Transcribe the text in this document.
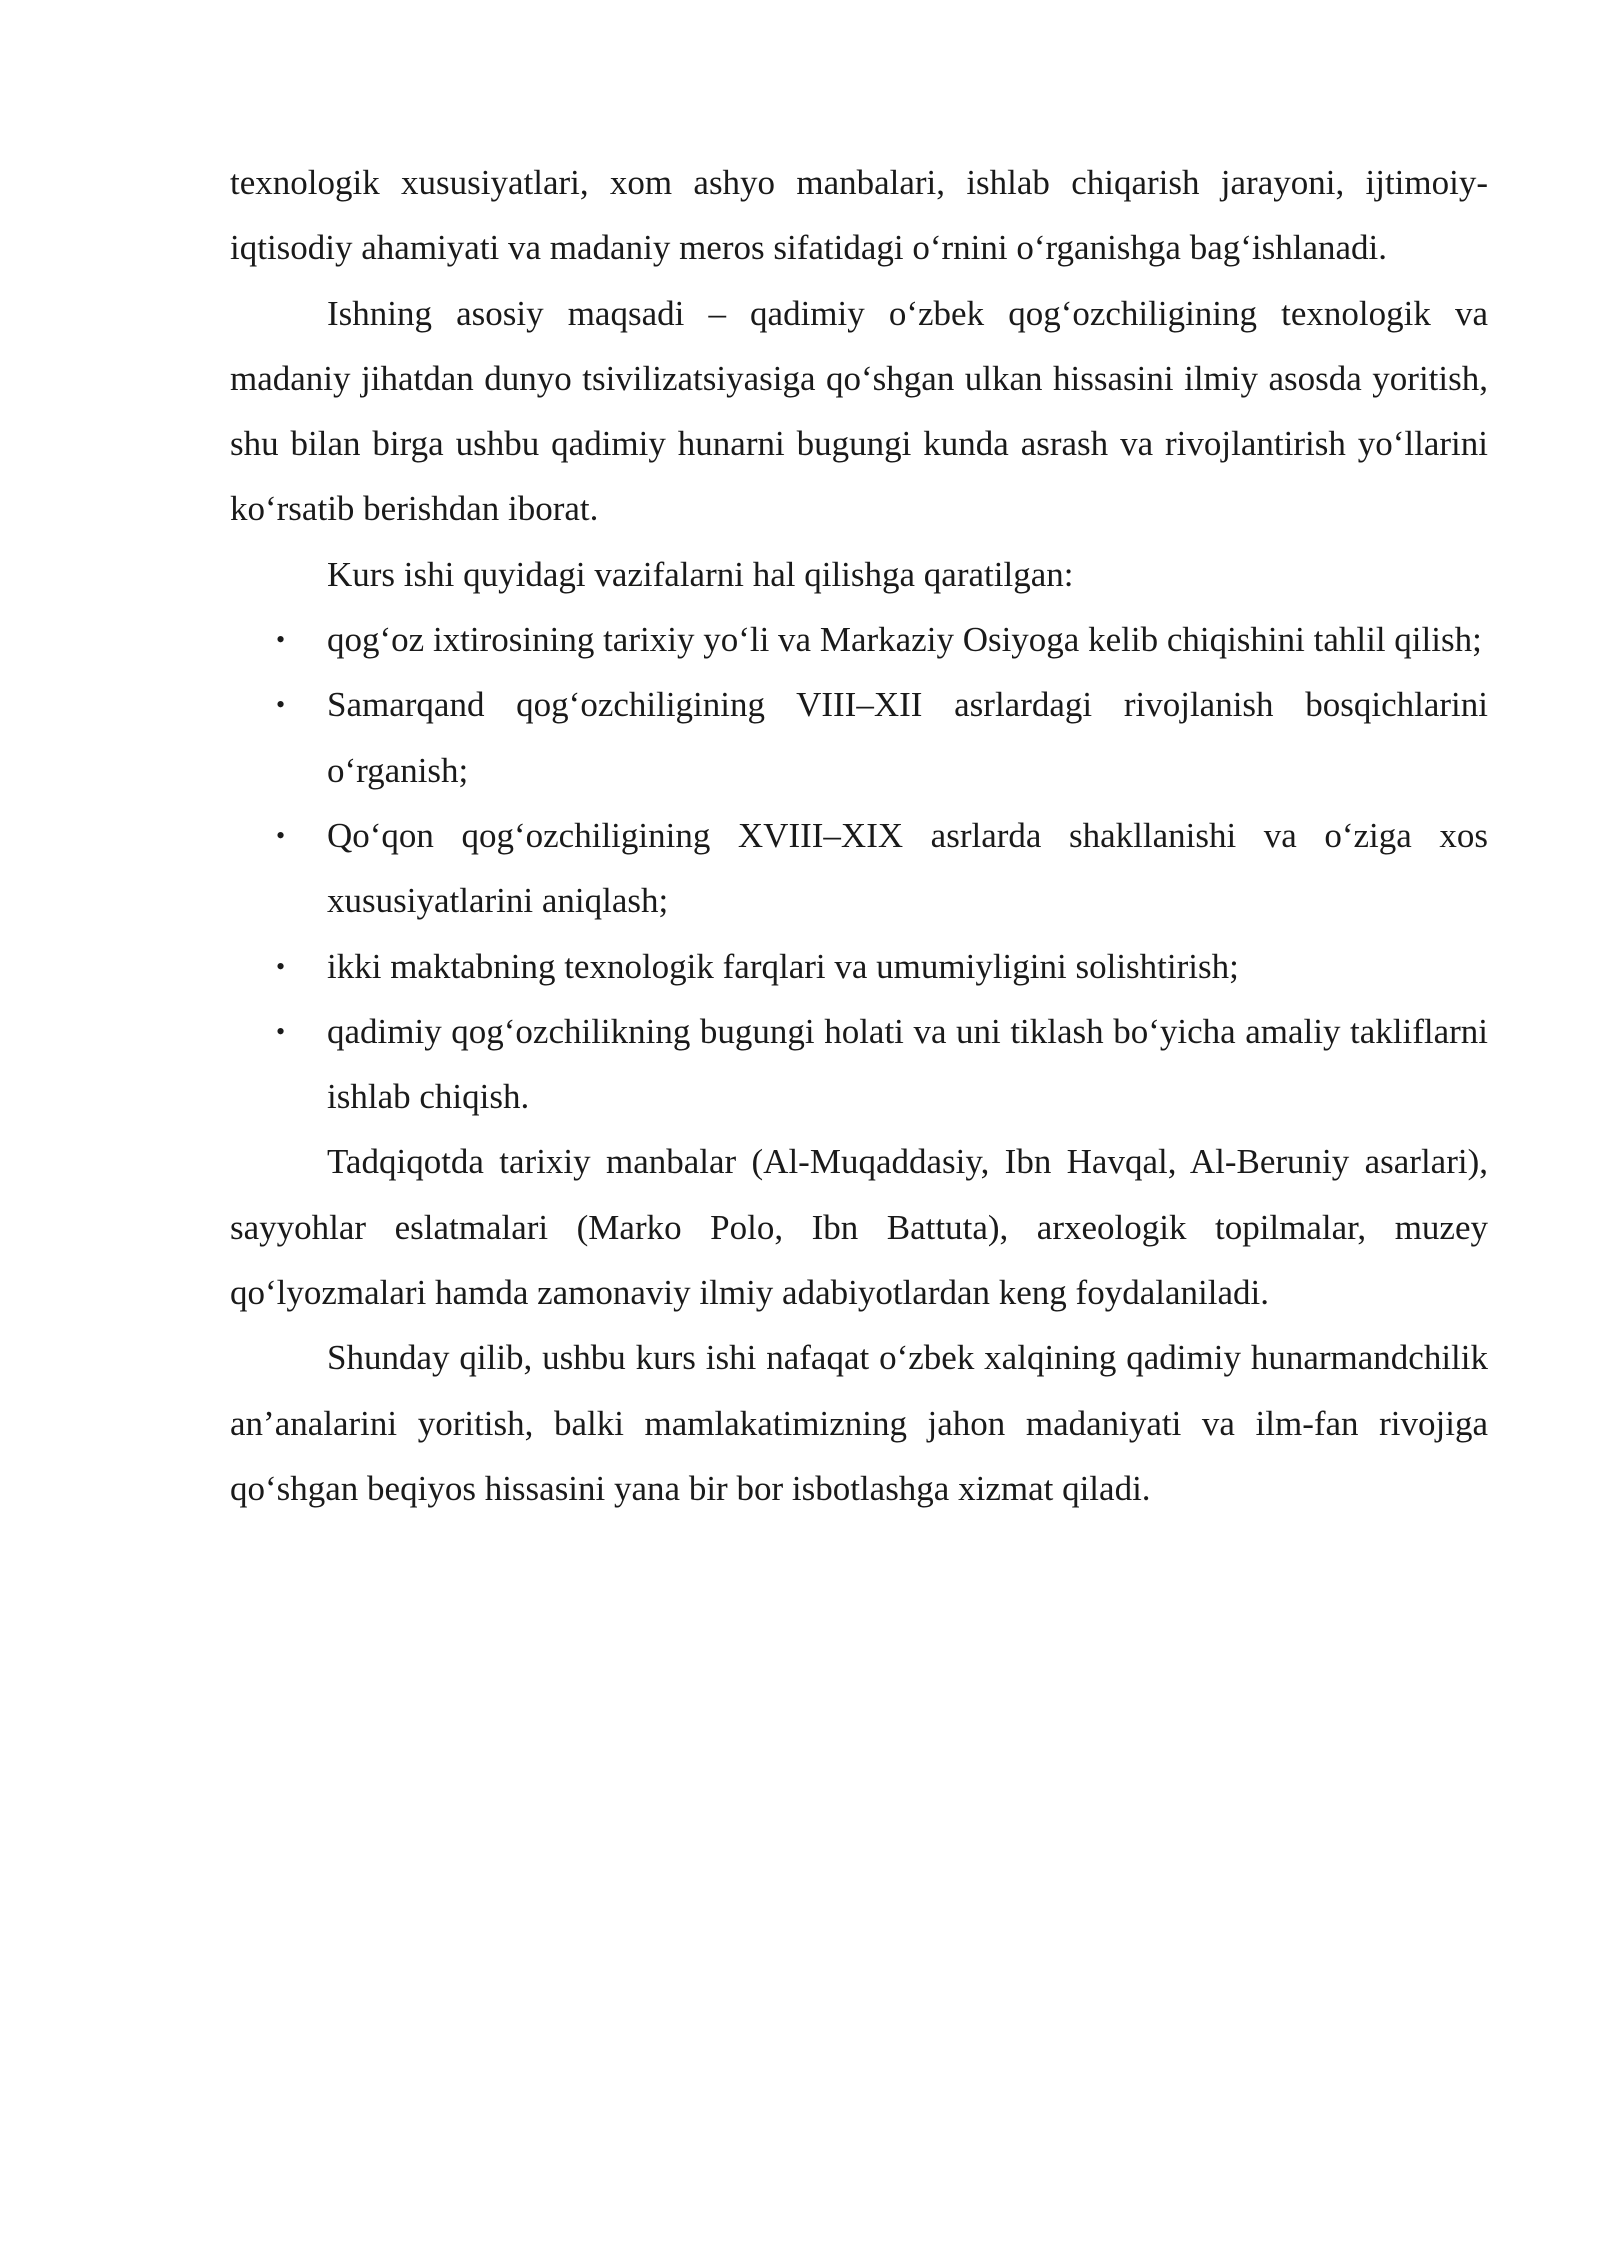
texnologik xususiyatlari, xom ashyo manbalari, ishlab chiqarish jarayoni, ijtimoiy-iqtisodiy ahamiyati va madaniy meros sifatidagi o‘rnini o‘rganishga bag‘ishlanadi.

Ishning asosiy maqsadi – qadimiy o‘zbek qog‘ozchiligining texnologik va madaniy jihatdan dunyo tsivilizatsiyasiga qo‘shgan ulkan hissasini ilmiy asosda yoritish, shu bilan birga ushbu qadimiy hunarni bugungi kunda asrash va rivojlantirish yo‘llarini ko‘rsatib berishdan iborat.

Kurs ishi quyidagi vazifalarni hal qilishga qaratilgan:

• qog‘oz ixtirosining tarixiy yo‘li va Markaziy Osiyoga kelib chiqishini tahlil qilish;
• Samarqand qog‘ozchiligining VIII–XII asrlardagi rivojlanish bosqichlarini o‘rganish;
• Qo‘qon qog‘ozchiligining XVIII–XIX asrlarda shakllanishi va o‘ziga xos xususiyatlarini aniqlash;
• ikki maktabning texnologik farqlari va umumiyligini solishtirish;
• qadimiy qog‘ozchilikning bugungi holati va uni tiklash bo‘yicha amaliy takliflarni ishlab chiqish.

Tadqiqotda tarixiy manbalar (Al-Muqaddasiy, Ibn Havqal, Al-Beruniy asarlari), sayyohlar eslatmalari (Marko Polo, Ibn Battuta), arxeologik topilmalar, muzey qo‘lyozmalari hamda zamonaviy ilmiy adabiyotlardan keng foydalaniladi.

Shunday qilib, ushbu kurs ishi nafaqat o‘zbek xalqining qadimiy hunarmandchilik an’analarini yoritish, balki mamlakatimizning jahon madaniyati va ilm-fan rivojiga qo‘shgan beqiyos hissasini yana bir bor isbotlashga xizmat qiladi.
